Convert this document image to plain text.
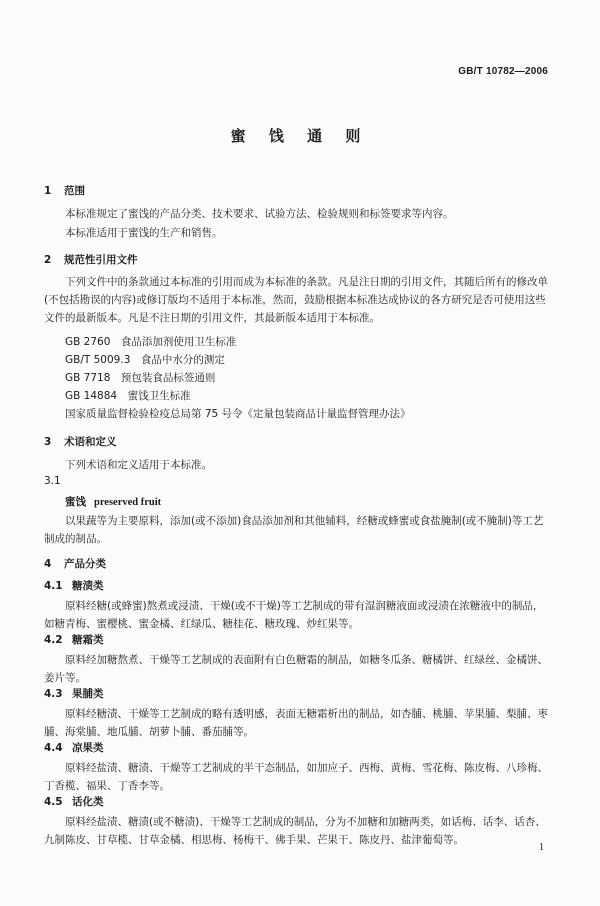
GB/T 10782—2006
蜜 饯 通 则
1 范围
本标准规定了蜜饯的产品分类、技术要求、试验方法、检验规则和标签要求等内容。
本标准适用于蜜饯的生产和销售。
2 规范性引用文件
下列文件中的条款通过本标准的引用而成为本标准的条款。凡是注日期的引用文件，其随后所有的修改单(不包括勘误的内容)或修订版均不适用于本标准，然而，鼓励根据本标准达成协议的各方研究是否可使用这些文件的最新版本。凡是不注日期的引用文件，其最新版本适用于本标准。
GB 2760　食品添加剂使用卫生标准
GB/T 5009.3　食品中水分的测定
GB 7718　预包装食品标签通则
GB 14884　蜜饯卫生标准
国家质量监督检验检疫总局第 75 号令《定量包装商品计量监督管理办法》
3 术语和定义
下列术语和定义适用于本标准。
3.1
蜜饯 preserved fruit
以果蔬等为主要原料，添加(或不添加)食品添加剂和其他辅料，经糖或蜂蜜或食盐腌制(或不腌制)等工艺制成的制品。
4 产品分类
4.1 糖渍类
原料经糖(或蜂蜜)熬煮或浸渍、干燥(或不干燥)等工艺制成的带有湿润糖液面或浸渍在浓糖液中的制品，如糖青梅、蜜樱桃、蜜金橘、红绿瓜、糖桂花、糖玫瑰、炒红果等。
4.2 糖霜类
原料经加糖熬煮、干燥等工艺制成的表面附有白色糖霜的制品，如糖冬瓜条、糖橘饼、红绿丝、金橘饼、姜片等。
4.3 果脯类
原料经糖渍、干燥等工艺制成的略有透明感，表面无糖霜析出的制品，如杏脯、桃脯、苹果脯、梨脯、枣脯、海棠脯、地瓜脯、胡萝卜脯、番茄脯等。
4.4 凉果类
原料经盐渍、糖渍、干燥等工艺制成的半干态制品，如加应子、西梅、黄梅、雪花梅、陈皮梅、八珍梅、丁香榄、福果、丁香李等。
4.5 话化类
原料经盐渍、糖渍(或不糖渍)、干燥等工艺制成的制品，分为不加糖和加糖两类，如话梅、话李、话杏、九制陈皮、甘草榄、甘草金橘、相思梅、杨梅干、佛手果、芒果干、陈皮丹、盐津葡萄等。
1
